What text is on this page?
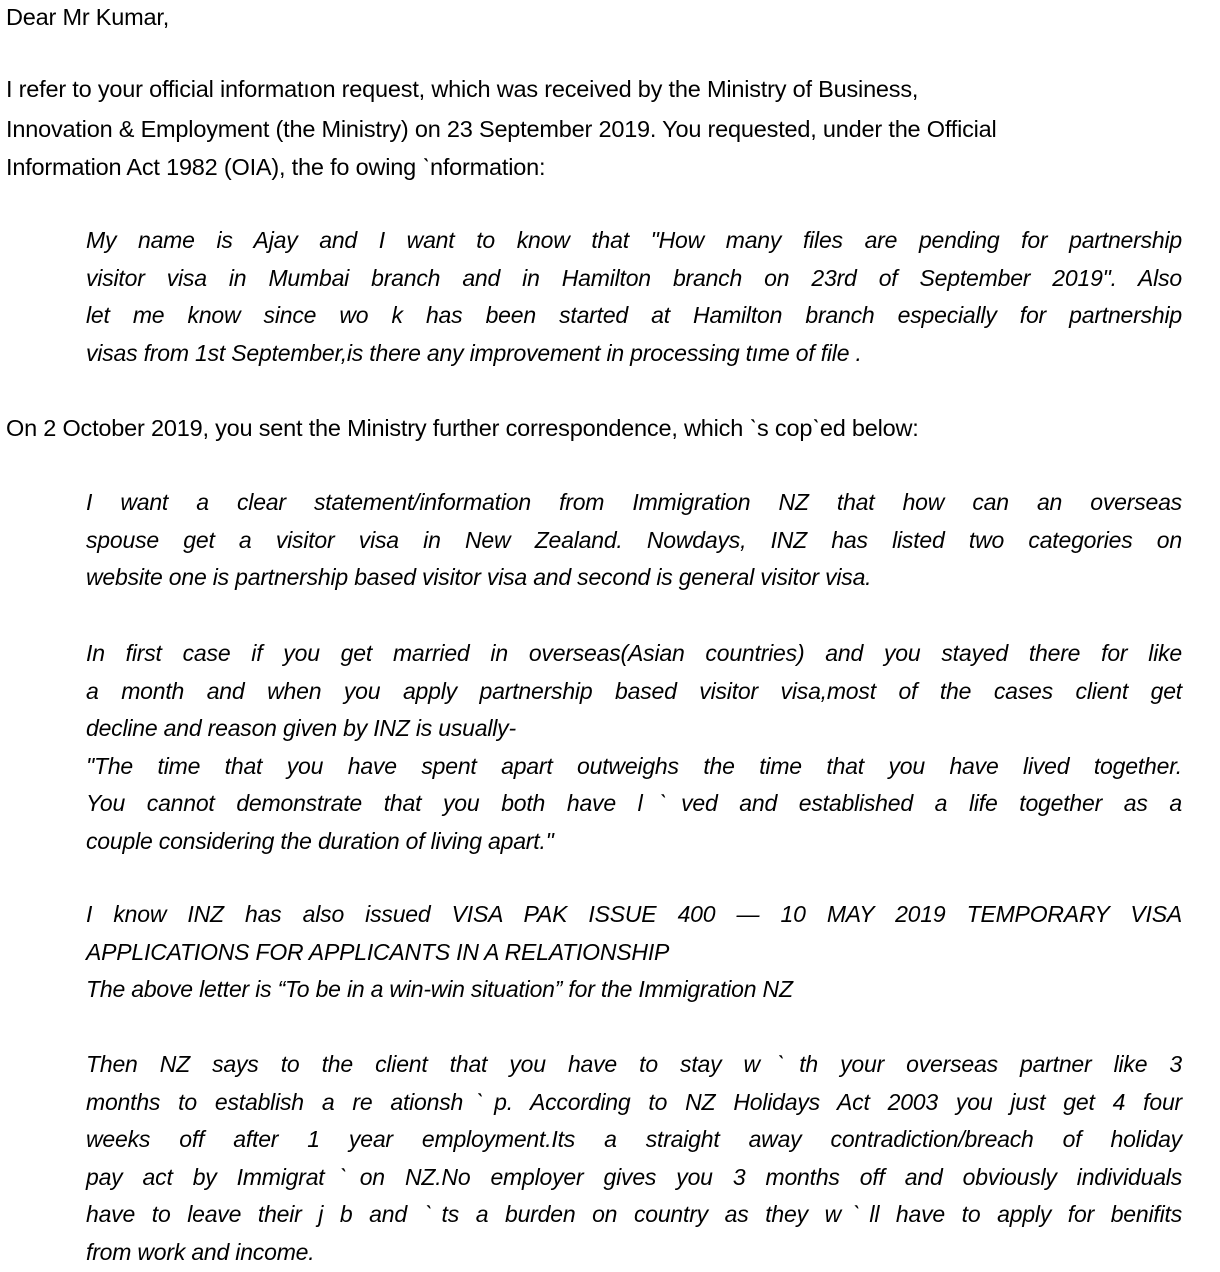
Dear Mr Kumar,
I refer to your official informatıon request, which was received by the Ministry of Business,
Innovation & Employment (the Ministry) on 23 September 2019. You requested, under the Official
Information Act 1982 (OIA), the fo owing ˋnformation:
My name is Ajay and I want to know that "How many files are pending for partnership
visitor visa in Mumbai branch and in Hamilton branch on 23rd of September 2019". Also
let me know since wo k has been started at Hamilton branch especially for partnership
visas from 1st September,is there any improvement in processing tıme of file .
On 2 October 2019, you sent the Ministry further correspondence, which ˋs copˋed below:
I want a clear statement/information from Immigration NZ that how can an overseas
spouse get a visitor visa in New Zealand. Nowdays, INZ has listed two categories on
website one is partnership based visitor visa and second is general visitor visa.
In first case if you get married in overseas(Asian countries) and you stayed there for like
a month and when you apply partnership based visitor visa,most of the cases client get
decline and reason given by INZ is usually-
"The time that you have spent apart outweighs the time that you have lived together.
You cannot demonstrate that you both have lˋved and established a life together as a
couple considering the duration of living apart."
I know INZ has also issued VISA PAK ISSUE 400 — 10 MAY 2019 TEMPORARY VISA
APPLICATIONS FOR APPLICANTS IN A RELATIONSHIP
The above letter is “To be in a win-win situation” for the Immigration NZ
Then NZ says to the client that you have to stay wˋth your overseas partner like 3
months to establish a re ationshˋp. According to NZ Holidays Act 2003 you just get 4 four
weeks off after 1 year employment.Its a straight away contradiction/breach of holiday
pay act by Immigratˋon NZ.No employer gives you 3 months off and obviously individuals
have to leave their j b and ˋts a burden on country as they wˋll have to apply for benifits
from work and income.
